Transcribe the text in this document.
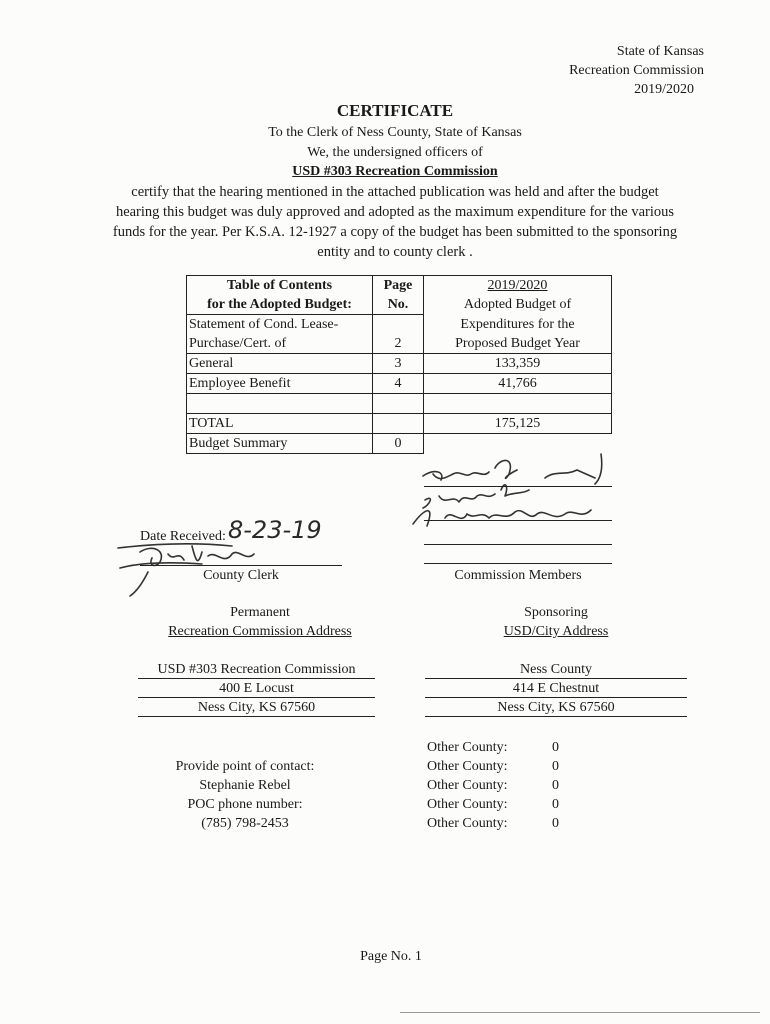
State of Kansas
Recreation Commission
2019/2020
CERTIFICATE
To the Clerk of Ness County, State of Kansas
We, the undersigned officers of
USD #303 Recreation Commission
certify that the hearing mentioned in the attached publication was held and after the budget hearing this budget was duly approved and adopted as the maximum expenditure for the various funds for the year. Per K.S.A. 12-1927 a copy of the budget has been submitted to the sponsoring entity and to county clerk .
Table of Contents	Page	2019/2020
for the Adopted Budget:	No.	Adopted Budget of
Statement of Cond. Lease-		Expenditures for the
Purchase/Cert. of	2	Proposed Budget Year
General	3	133,359
Employee Benefit	4	41,766

TOTAL		175,125
Budget Summary	0	
Commission Members
Date Received: 8-23-19
County Clerk
Permanent
Recreation Commission Address
Sponsoring
USD/City Address
USD #303 Recreation Commission
400 E Locust
Ness City, KS 67560
Ness County
414 E Chestnut
Ness City, KS 67560
Provide point of contact:
Stephanie Rebel
POC phone number:
(785) 798-2453
Other County:	0
Other County:	0
Other County:	0
Other County:	0
Other County:	0
Page No. 1
